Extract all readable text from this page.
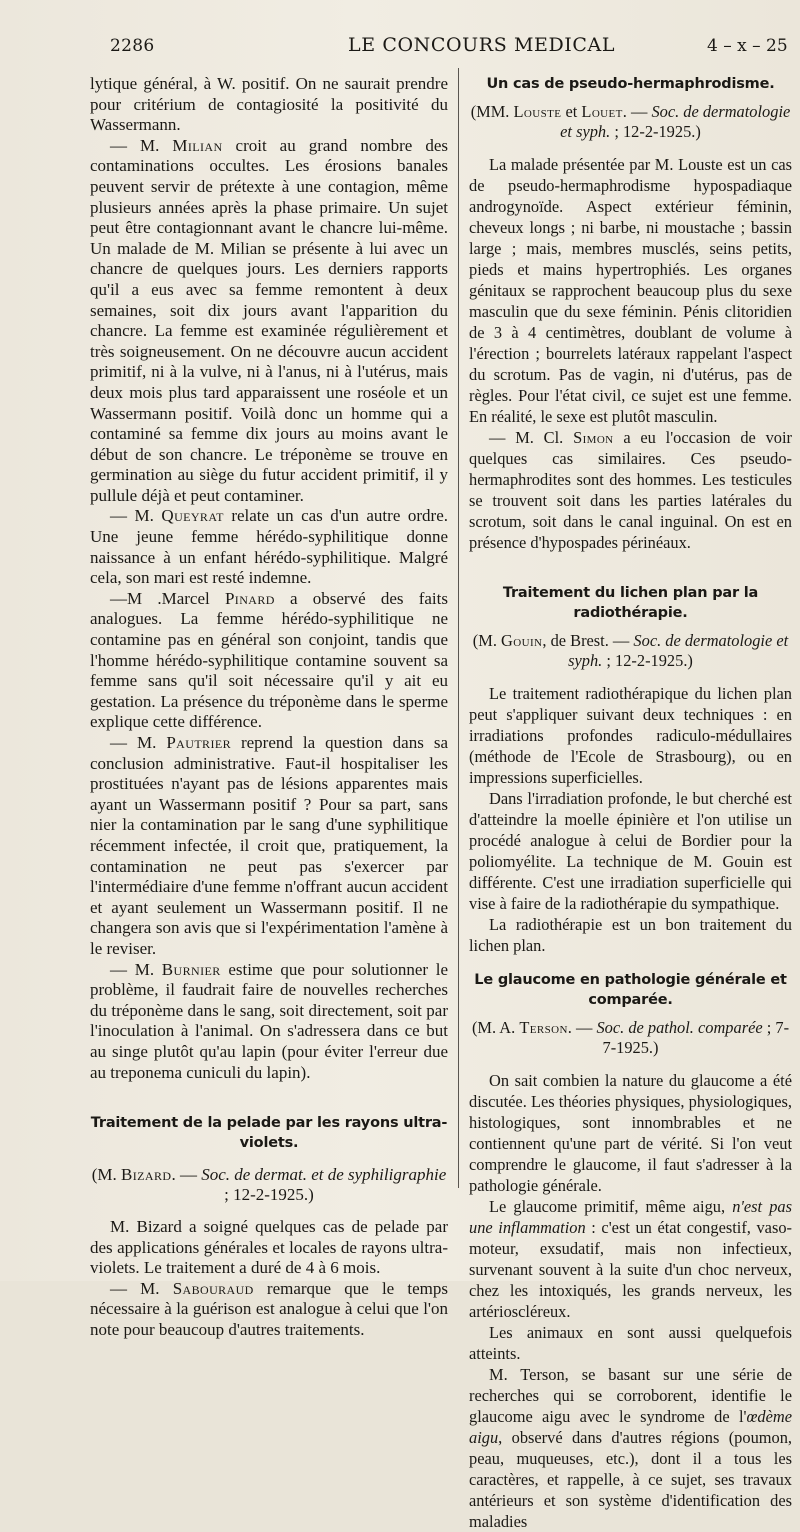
2286	LE CONCOURS MEDICAL	4 – x – 25

lytique général, à W. positif. On ne saurait prendre pour critérium de contagiosité la positivité du Wassermann.

— M. Milian croit au grand nombre des contaminations occultes. Les érosions banales peuvent servir de prétexte à une contagion, même plusieurs années après la phase primaire. Un sujet peut être contagionnant avant le chancre lui-même. Un malade de M. Milian se présente à lui avec un chancre de quelques jours. Les derniers rapports qu'il a eus avec sa femme remontent à deux semaines, soit dix jours avant l'apparition du chancre. La femme est examinée régulièrement et très soigneusement. On ne découvre aucun accident primitif, ni à la vulve, ni à l'anus, ni à l'utérus, mais deux mois plus tard apparaissent une roséole et un Wassermann positif. Voilà donc un homme qui a contaminé sa femme dix jours au moins avant le début de son chancre. Le tréponème se trouve en germination au siège du futur accident primitif, il y pullule déjà et peut contaminer.

— M. Queyrat relate un cas d'un autre ordre. Une jeune femme hérédo-syphilitique donne naissance à un enfant hérédo-syphilitique. Malgré cela, son mari est resté indemne.

—M .Marcel Pinard a observé des faits analogues. La femme hérédo-syphilitique ne contamine pas en général son conjoint, tandis que l'homme hérédo-syphilitique contamine souvent sa femme sans qu'il soit nécessaire qu'il y ait eu gestation. La présence du tréponème dans le sperme explique cette différence.

— M. Pautrier reprend la question dans sa conclusion administrative. Faut-il hospitaliser les prostituées n'ayant pas de lésions apparentes mais ayant un Wassermann positif ? Pour sa part, sans nier la contamination par le sang d'une syphilitique récemment infectée, il croit que, pratiquement, la contamination ne peut pas s'exercer par l'intermédiaire d'une femme n'offrant aucun accident et ayant seulement un Wassermann positif. Il ne changera son avis que si l'expérimentation l'amène à le reviser.

— M. Burnier estime que pour solutionner le problème, il faudrait faire de nouvelles recherches du tréponème dans le sang, soit directement, soit par l'inoculation à l'animal. On s'adressera dans ce but au singe plutôt qu'au lapin (pour éviter l'erreur due au treponema cuniculi du lapin).

Traitement de la pelade par les rayons ultra-violets.

(M. Bizard. — Soc. de dermat. et de syphiligraphie ; 12-2-1925.)

M. Bizard a soigné quelques cas de pelade par des applications générales et locales de rayons ultra-violets. Le traitement a duré de 4 à 6 mois.

— M. Sabouraud remarque que le temps nécessaire à la guérison est analogue à celui que l'on note pour beaucoup d'autres traitements.

Un cas de pseudo-hermaphrodisme.

(MM. Louste et Louet. — Soc. de dermatologie et syph. ; 12-2-1925.)

La malade présentée par M. Louste est un cas de pseudo-hermaphrodisme hypospadiaque androgynoïde. Aspect extérieur féminin, cheveux longs ; ni barbe, ni moustache ; bassin large ; mais, membres musclés, seins petits, pieds et mains hypertrophiés. Les organes génitaux se rapprochent beaucoup plus du sexe masculin que du sexe féminin. Pénis clitoridien de 3 à 4 centimètres, doublant de volume à l'érection ; bourrelets latéraux rappelant l'aspect du scrotum. Pas de vagin, ni d'utérus, pas de règles. Pour l'état civil, ce sujet est une femme. En réalité, le sexe est plutôt masculin.

— M. Cl. Simon a eu l'occasion de voir quelques cas similaires. Ces pseudo-hermaphrodites sont des hommes. Les testicules se trouvent soit dans les parties latérales du scrotum, soit dans le canal inguinal. On est en présence d'hypospades périnéaux.

Traitement du lichen plan par la radiothérapie.

(M. Gouin, de Brest. — Soc. de dermatologie et syph. ; 12-2-1925.)

Le traitement radiothérapique du lichen plan peut s'appliquer suivant deux techniques : en irradiations profondes radiculo-médullaires (méthode de l'Ecole de Strasbourg), ou en impressions superficielles.

Dans l'irradiation profonde, le but cherché est d'atteindre la moelle épinière et l'on utilise un procédé analogue à celui de Bordier pour la poliomyélite. La technique de M. Gouin est différente. C'est une irradiation superficielle qui vise à faire de la radiothérapie du sympathique.

La radiothérapie est un bon traitement du lichen plan.

Le glaucome en pathologie générale et comparée.

(M. A. Terson. — Soc. de pathol. comparée ; 7-7-1925.)

On sait combien la nature du glaucome a été discutée. Les théories physiques, physiologiques, histologiques, sont innombrables et ne contiennent qu'une part de vérité. Si l'on veut comprendre le glaucome, il faut s'adresser à la pathologie générale.

Le glaucome primitif, même aigu, n'est pas une inflammation : c'est un état congestif, vaso-moteur, exsudatif, mais non infectieux, survenant souvent à la suite d'un choc nerveux, chez les intoxiqués, les grands nerveux, les artérioscléreux.

Les animaux en sont aussi quelquefois atteints.

M. Terson, se basant sur une série de recherches qui se corroborent, identifie le glaucome aigu avec le syndrome de l'œdème aigu, observé dans d'autres régions (poumon, peau, muqueuses, etc.), dont il a tous les caractères, et rappelle, à ce sujet, ses travaux antérieurs et son système d'identification des maladies
